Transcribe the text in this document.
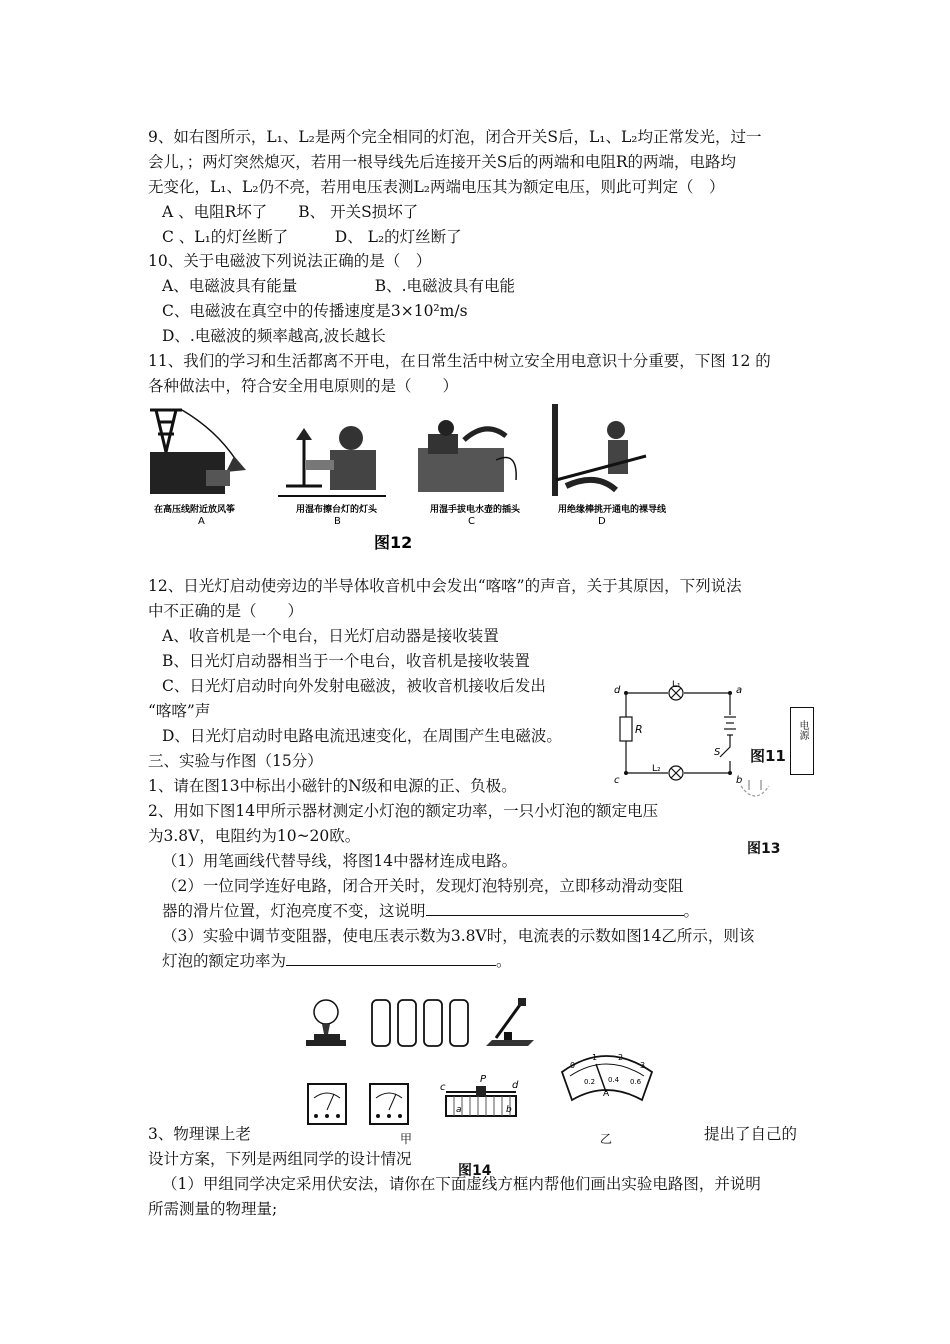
9、如右图所示，L₁、L₂是两个完全相同的灯泡，闭合开关S后，L₁、L₂均正常发光，过一
会儿，；两灯突然熄灭，若用一根导线先后连接开关S后的两端和电阻R的两端，电路均
无变化，L₁、L₂仍不亮，若用电压表测L₂两端电压其为额定电压，则此可判定（　）
A 、电阻R坏了　　B、 开关S损坏了
C 、L₁的灯丝断了　　　D、 L₂的灯丝断了
10、关于电磁波下列说法正确的是（　）
A、电磁波具有能量　　　　　B、.电磁波具有电能
C、电磁波在真空中的传播速度是3×10²m/s
D、.电磁波的频率越高,波长越长
11、我们的学习和生活都离不开电，在日常生活中树立安全用电意识十分重要，下图 12 的
各种做法中，符合安全用电原则的是（　　）
在高压线附近放风筝
A
用湿布擦台灯的灯头
B
用湿手拔电水壶的插头
C
用绝缘棒挑开通电的裸导线
D
图12
12、日光灯启动使旁边的半导体收音机中会发出“喀喀”的声音，关于其原因，下列说法
中不正确的是（　　）
A、收音机是一个电台，日光灯启动器是接收装置
B、日光灯启动器相当于一个电台，收音机是接收装置
C、日光灯启动时向外发射电磁波，被收音机接收后发出
“喀喀”声
D、日光灯启动时电路电流迅速变化，在周围产生电磁波。
d	a
c	b
R
S
L₁
L₂
图11
电源
图13
三、实验与作图（15分）
1、请在图13中标出小磁针的N级和电源的正、负极。
2、用如下图14甲所示器材测定小灯泡的额定功率，一只小灯泡的额定电压
为3.8V，电阻约为10~20欧。
（1）用笔画线代替导线，将图14中器材连成电路。
（2）一位同学连好电路，闭合开关时，发现灯泡特别亮，立即移动滑动变阻
器的滑片位置，灯泡亮度不变，这说明	。
（3）实验中调节变阻器，使电压表示数为3.8V时，电流表的示数如图14乙所示，则该
灯泡的额定功率为	。
c	d
P
a	b
0
1	2
3
0.2 0.4 0.6
A
3、物理课上老	提出了自己的
甲	乙
设计方案，下列是两组同学的设计情况
图14
（1）甲组同学决定采用伏安法，请你在下面虚线方框内帮他们画出实验电路图，并说明
所需测量的物理量;
